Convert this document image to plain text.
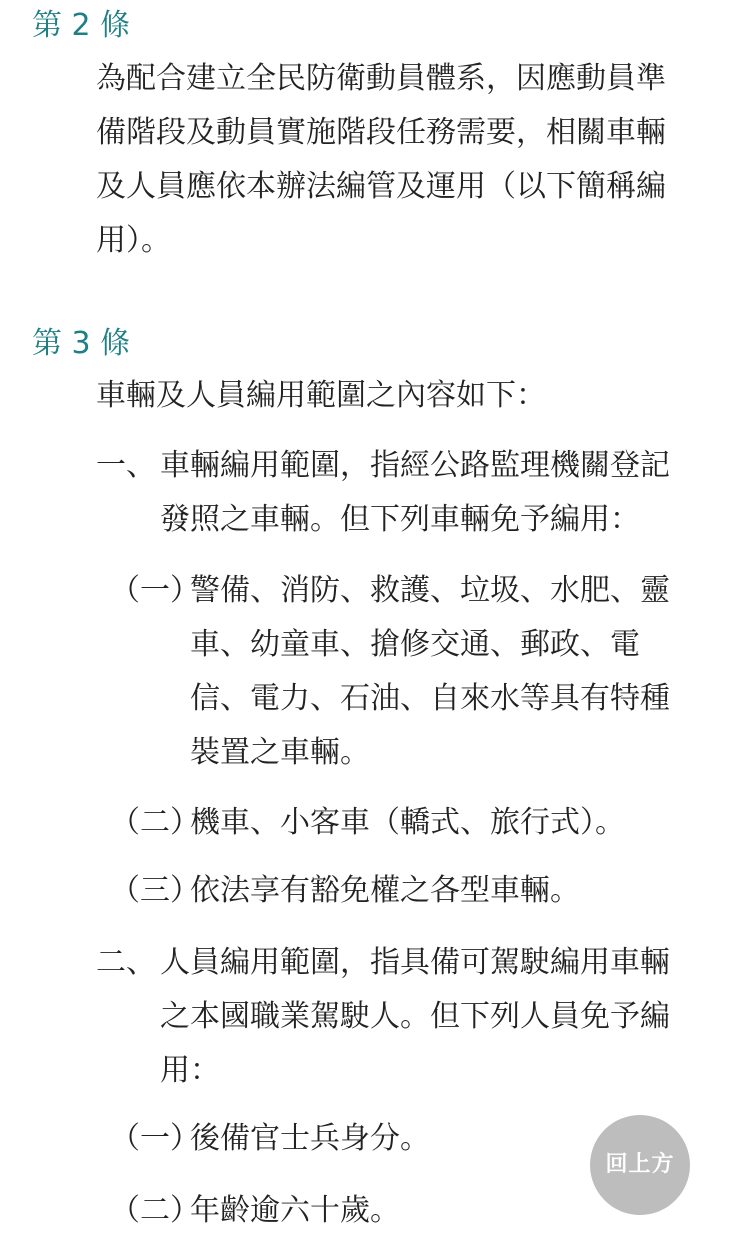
第 2 條
為配合建立全民防衛動員體系，因應動員準
備階段及動員實施階段任務需要，相關車輛
及人員應依本辦法編管及運用（以下簡稱編
用）。
第 3 條
車輛及人員編用範圍之內容如下：
一、 車輛編用範圍，指經公路監理機關登記
發照之車輛。但下列車輛免予編用：
（一）
警備、消防、救護、垃圾、水肥、靈
車、幼童車、搶修交通、郵政、電
信、電力、石油、自來水等具有特種
裝置之車輛。
（二）
機車、小客車（轎式、旅行式）。
（三）
依法享有豁免權之各型車輛。
二、 人員編用範圍，指具備可駕駛編用車輛
之本國職業駕駛人。但下列人員免予編
用：
（一）
後備官士兵身分。
（二）
年齡逾六十歲。
回上方
